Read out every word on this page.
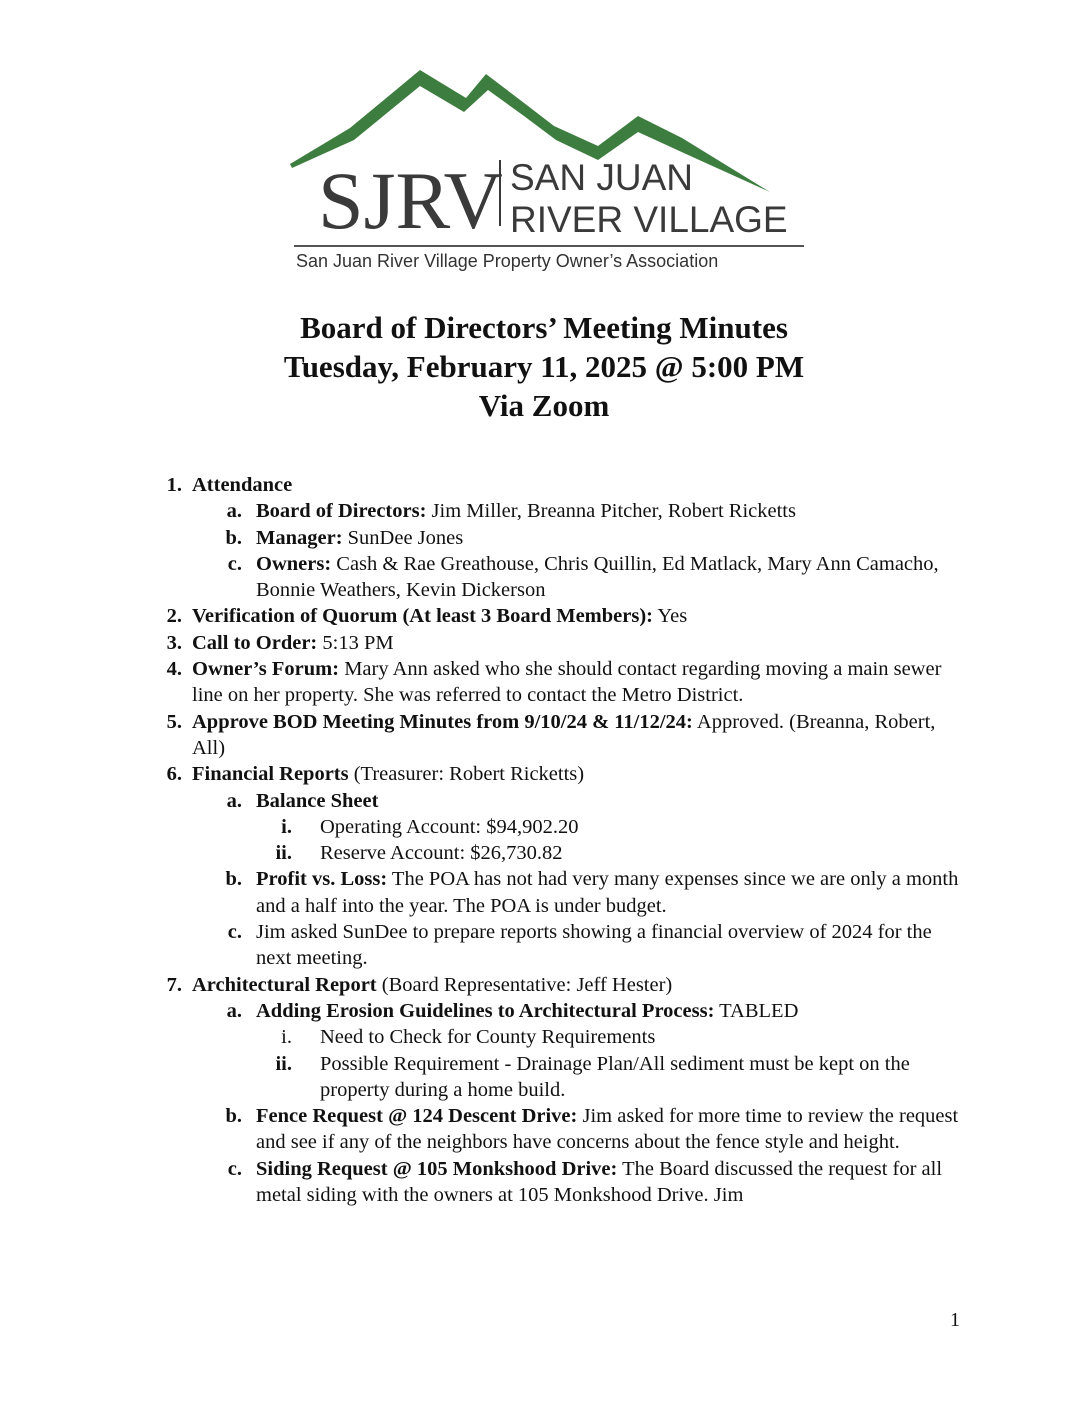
SJRV SAN JUAN
RIVER VILLAGE
San Juan River Village Property Owner’s Association
Board of Directors’ Meeting Minutes
Tuesday, February 11, 2025 @ 5:00 PM
Via Zoom
1. Attendance
a. Board of Directors: Jim Miller, Breanna Pitcher, Robert Ricketts
b. Manager: SunDee Jones
c. Owners: Cash & Rae Greathouse, Chris Quillin, Ed Matlack, Mary Ann Camacho, Bonnie Weathers, Kevin Dickerson
2. Verification of Quorum (At least 3 Board Members): Yes
3. Call to Order: 5:13 PM
4. Owner’s Forum: Mary Ann asked who she should contact regarding moving a main sewer line on her property. She was referred to contact the Metro District.
5. Approve BOD Meeting Minutes from 9/10/24 & 11/12/24: Approved. (Breanna, Robert, All)
6. Financial Reports (Treasurer: Robert Ricketts)
a. Balance Sheet
i. Operating Account: $94,902.20
ii. Reserve Account: $26,730.82
b. Profit vs. Loss: The POA has not had very many expenses since we are only a month and a half into the year. The POA is under budget.
c. Jim asked SunDee to prepare reports showing a financial overview of 2024 for the next meeting.
7. Architectural Report (Board Representative: Jeff Hester)
a. Adding Erosion Guidelines to Architectural Process: TABLED
i. Need to Check for County Requirements
ii. Possible Requirement - Drainage Plan/All sediment must be kept on the property during a home build.
b. Fence Request @ 124 Descent Drive: Jim asked for more time to review the request and see if any of the neighbors have concerns about the fence style and height.
c. Siding Request @ 105 Monkshood Drive: The Board discussed the request for all metal siding with the owners at 105 Monkshood Drive. Jim
1
